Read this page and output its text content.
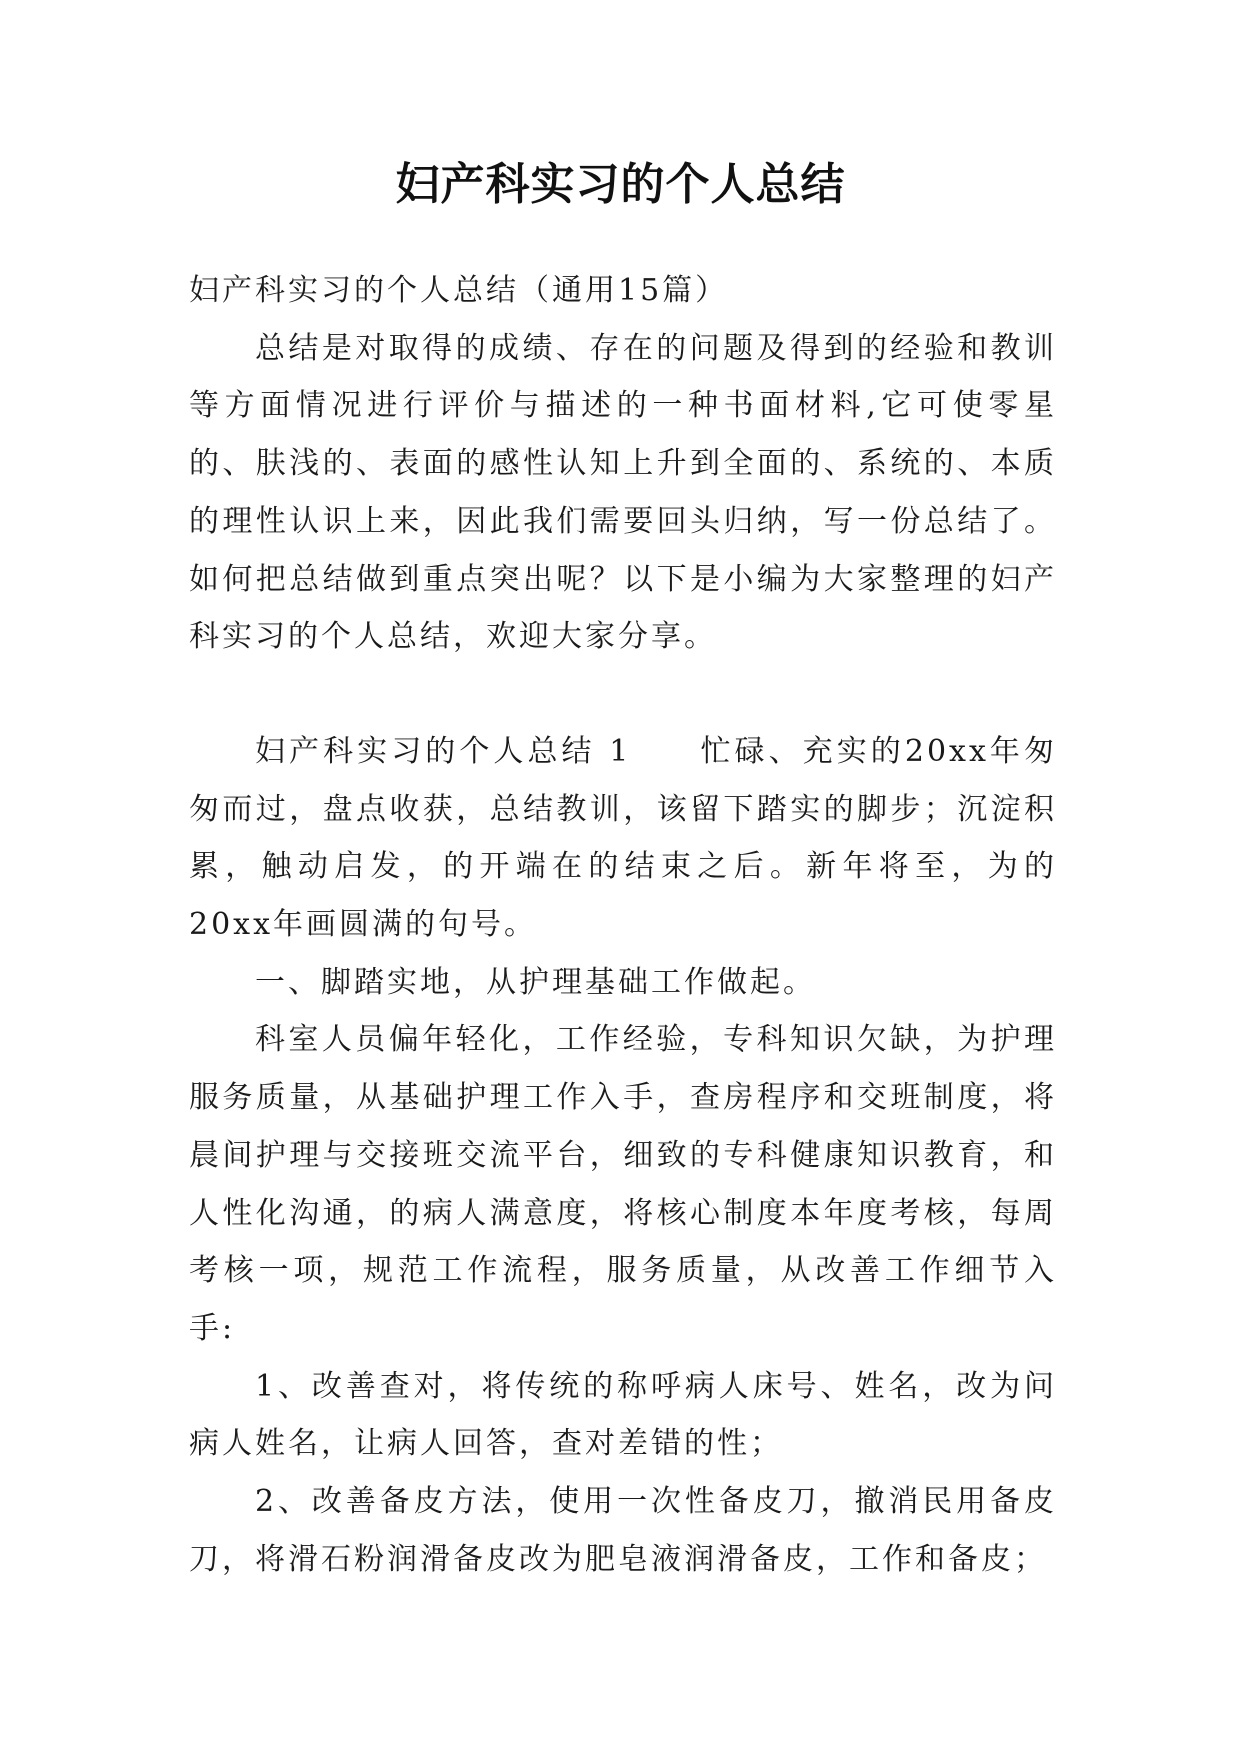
妇产科实习的个人总结

妇产科实习的个人总结（通用15篇）

总结是对取得的成绩、存在的问题及得到的经验和教训等方面情况进行评价与描述的一种书面材料,它可使零星的、肤浅的、表面的感性认知上升到全面的、系统的、本质的理性认识上来，因此我们需要回头归纳，写一份总结了。如何把总结做到重点突出呢？以下是小编为大家整理的妇产科实习的个人总结，欢迎大家分享。

妇产科实习的个人总结 1　　忙碌、充实的20xx年匆匆而过，盘点收获，总结教训，该留下踏实的脚步；沉淀积累，触动启发，的开端在的结束之后。新年将至，为的20xx年画圆满的句号。

一、脚踏实地，从护理基础工作做起。

科室人员偏年轻化，工作经验，专科知识欠缺，为护理服务质量，从基础护理工作入手，查房程序和交班制度，将晨间护理与交接班交流平台，细致的专科健康知识教育，和人性化沟通，的病人满意度，将核心制度本年度考核，每周考核一项，规范工作流程，服务质量，从改善工作细节入手:

1、改善查对，将传统的称呼病人床号、姓名，改为问病人姓名，让病人回答，查对差错的性；

2、改善备皮方法，使用一次性备皮刀，撤消民用备皮刀，将滑石粉润滑备皮改为肥皂液润滑备皮，工作和备皮；
